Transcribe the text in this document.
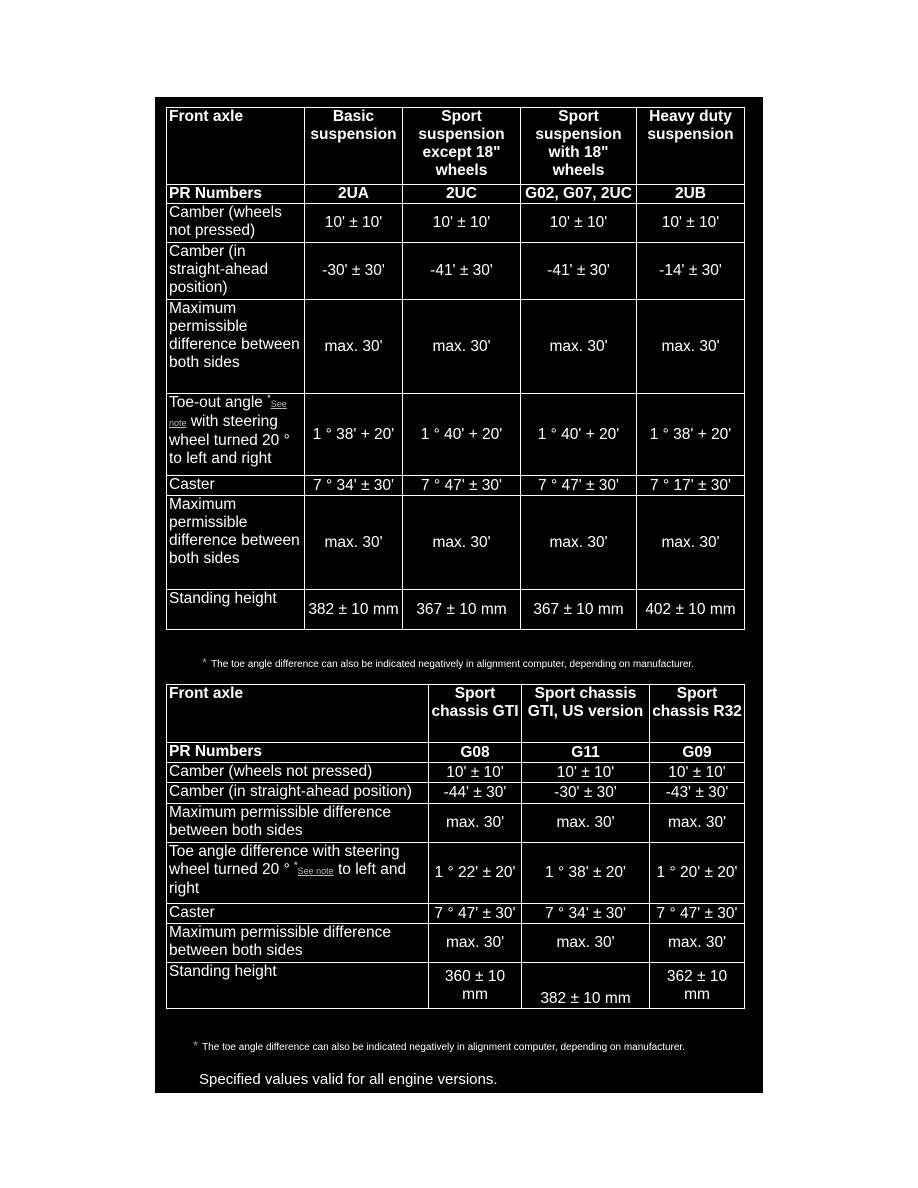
Front axle	Basic suspension	Sport suspension except 18" wheels	Sport suspension with 18" wheels	Heavy duty suspension
PR Numbers	2UA	2UC	G02, G07, 2UC	2UB
Camber (wheels not pressed)	10' ± 10'	10' ± 10'	10' ± 10'	10' ± 10'
Camber (in straight-ahead position)	-30' ± 30'	-41' ± 30'	-41' ± 30'	-14' ± 30'
Maximum permissible difference between both sides	max. 30'	max. 30'	max. 30'	max. 30'
Toe-out angle *See note with steering wheel turned 20 ° to left and right	1 ° 38' + 20'	1 ° 40' + 20'	1 ° 40' + 20'	1 ° 38' + 20'
Caster	7 ° 34' ± 30'	7 ° 47' ± 30'	7 ° 47' ± 30'	7 ° 17' ± 30'
Maximum permissible difference between both sides	max. 30'	max. 30'	max. 30'	max. 30'
Standing height	382 ± 10 mm	367 ± 10 mm	367 ± 10 mm	402 ± 10 mm
* The toe angle difference can also be indicated negatively in alignment computer, depending on manufacturer.
Front axle	Sport chassis GTI	Sport chassis GTI, US version	Sport chassis R32
PR Numbers	G08	G11	G09
Camber (wheels not pressed)	10' ± 10'	10' ± 10'	10' ± 10'
Camber (in straight-ahead position)	-44' ± 30'	-30' ± 30'	-43' ± 30'
Maximum permissible difference between both sides	max. 30'	max. 30'	max. 30'
Toe angle difference with steering wheel turned 20 ° *See note to left and right	1 ° 22' ± 20'	1 ° 38' ± 20'	1 ° 20' ± 20'
Caster	7 ° 47' ± 30'	7 ° 34' ± 30'	7 ° 47' ± 30'
Maximum permissible difference between both sides	max. 30'	max. 30'	max. 30'
Standing height	360 ± 10 mm	382 ± 10 mm	362 ± 10 mm
* The toe angle difference can also be indicated negatively in alignment computer, depending on manufacturer.
Specified values valid for all engine versions.
